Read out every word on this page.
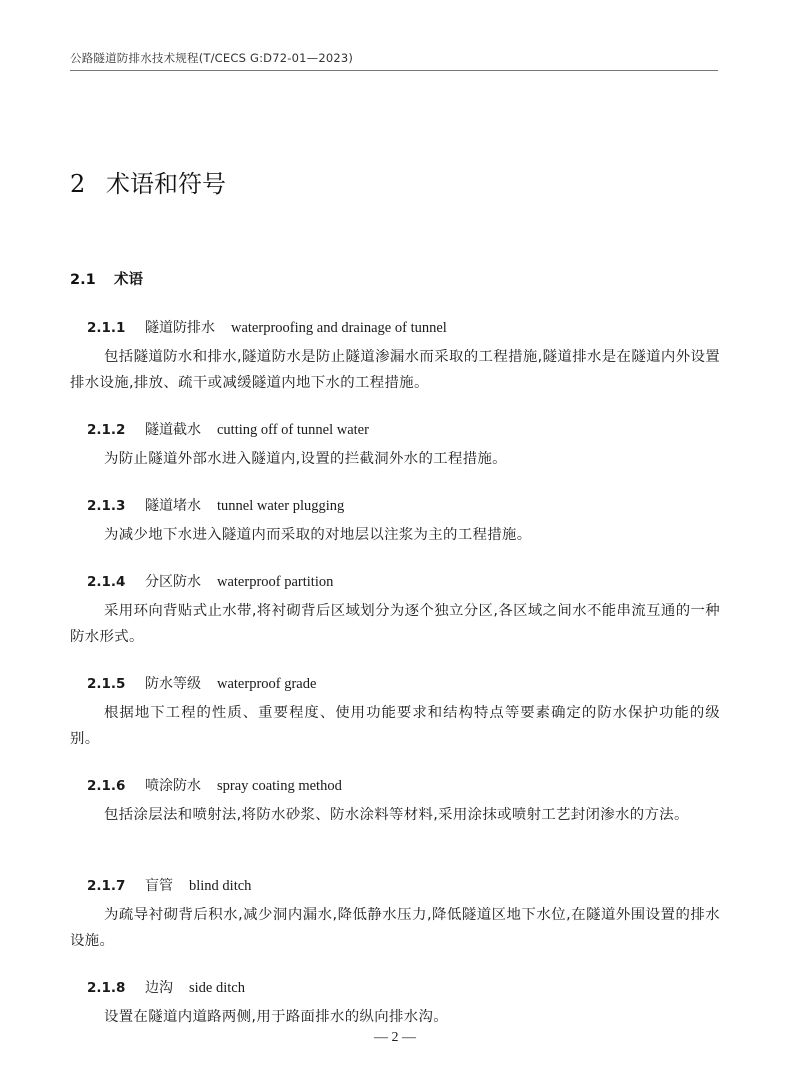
公路隧道防排水技术规程(T/CECS G:D72-01—2023)
2 术语和符号
2.1 术语
2.1.1 隧道防排水 waterproofing and drainage of tunnel
包括隧道防水和排水,隧道防水是防止隧道渗漏水而采取的工程措施,隧道排水是在隧道内外设置排水设施,排放、疏干或减缓隧道内地下水的工程措施。
2.1.2 隧道截水 cutting off of tunnel water
为防止隧道外部水进入隧道内,设置的拦截洞外水的工程措施。
2.1.3 隧道堵水 tunnel water plugging
为减少地下水进入隧道内而采取的对地层以注浆为主的工程措施。
2.1.4 分区防水 waterproof partition
采用环向背贴式止水带,将衬砌背后区域划分为逐个独立分区,各区域之间水不能串流互通的一种防水形式。
2.1.5 防水等级 waterproof grade
根据地下工程的性质、重要程度、使用功能要求和结构特点等要素确定的防水保护功能的级别。
2.1.6 喷涂防水 spray coating method
包括涂层法和喷射法,将防水砂浆、防水涂料等材料,采用涂抹或喷射工艺封闭渗水的方法。
2.1.7 盲管 blind ditch
为疏导衬砌背后积水,减少洞内漏水,降低静水压力,降低隧道区地下水位,在隧道外围设置的排水设施。
2.1.8 边沟 side ditch
设置在隧道内道路两侧,用于路面排水的纵向排水沟。
— 2 —
